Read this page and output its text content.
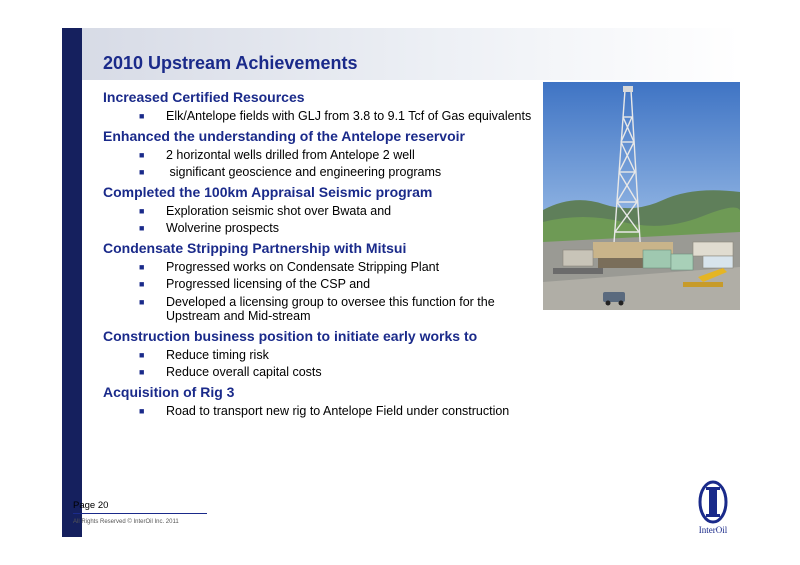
2010 Upstream Achievements
Increased Certified Resources
■ Elk/Antelope fields with GLJ from 3.8 to 9.1 Tcf of Gas equivalents
Enhanced the understanding of the Antelope reservoir
■ 2 horizontal wells drilled from Antelope 2 well
■ significant geoscience and engineering programs
Completed the 100km Appraisal Seismic program
■ Exploration seismic shot over Bwata and
■ Wolverine prospects
Condensate Stripping Partnership with Mitsui
■ Progressed works on Condensate Stripping Plant
■ Progressed licensing of the CSP and
■ Developed a licensing group to oversee this function for the Upstream and Mid-stream
Construction business position to initiate early works to
■ Reduce timing risk
■ Reduce overall capital costs
Acquisition of Rig 3
■ Road to transport new rig to Antelope Field under construction
Page 20
All Rights Reserved © InterOil Inc. 2011
InterOil
